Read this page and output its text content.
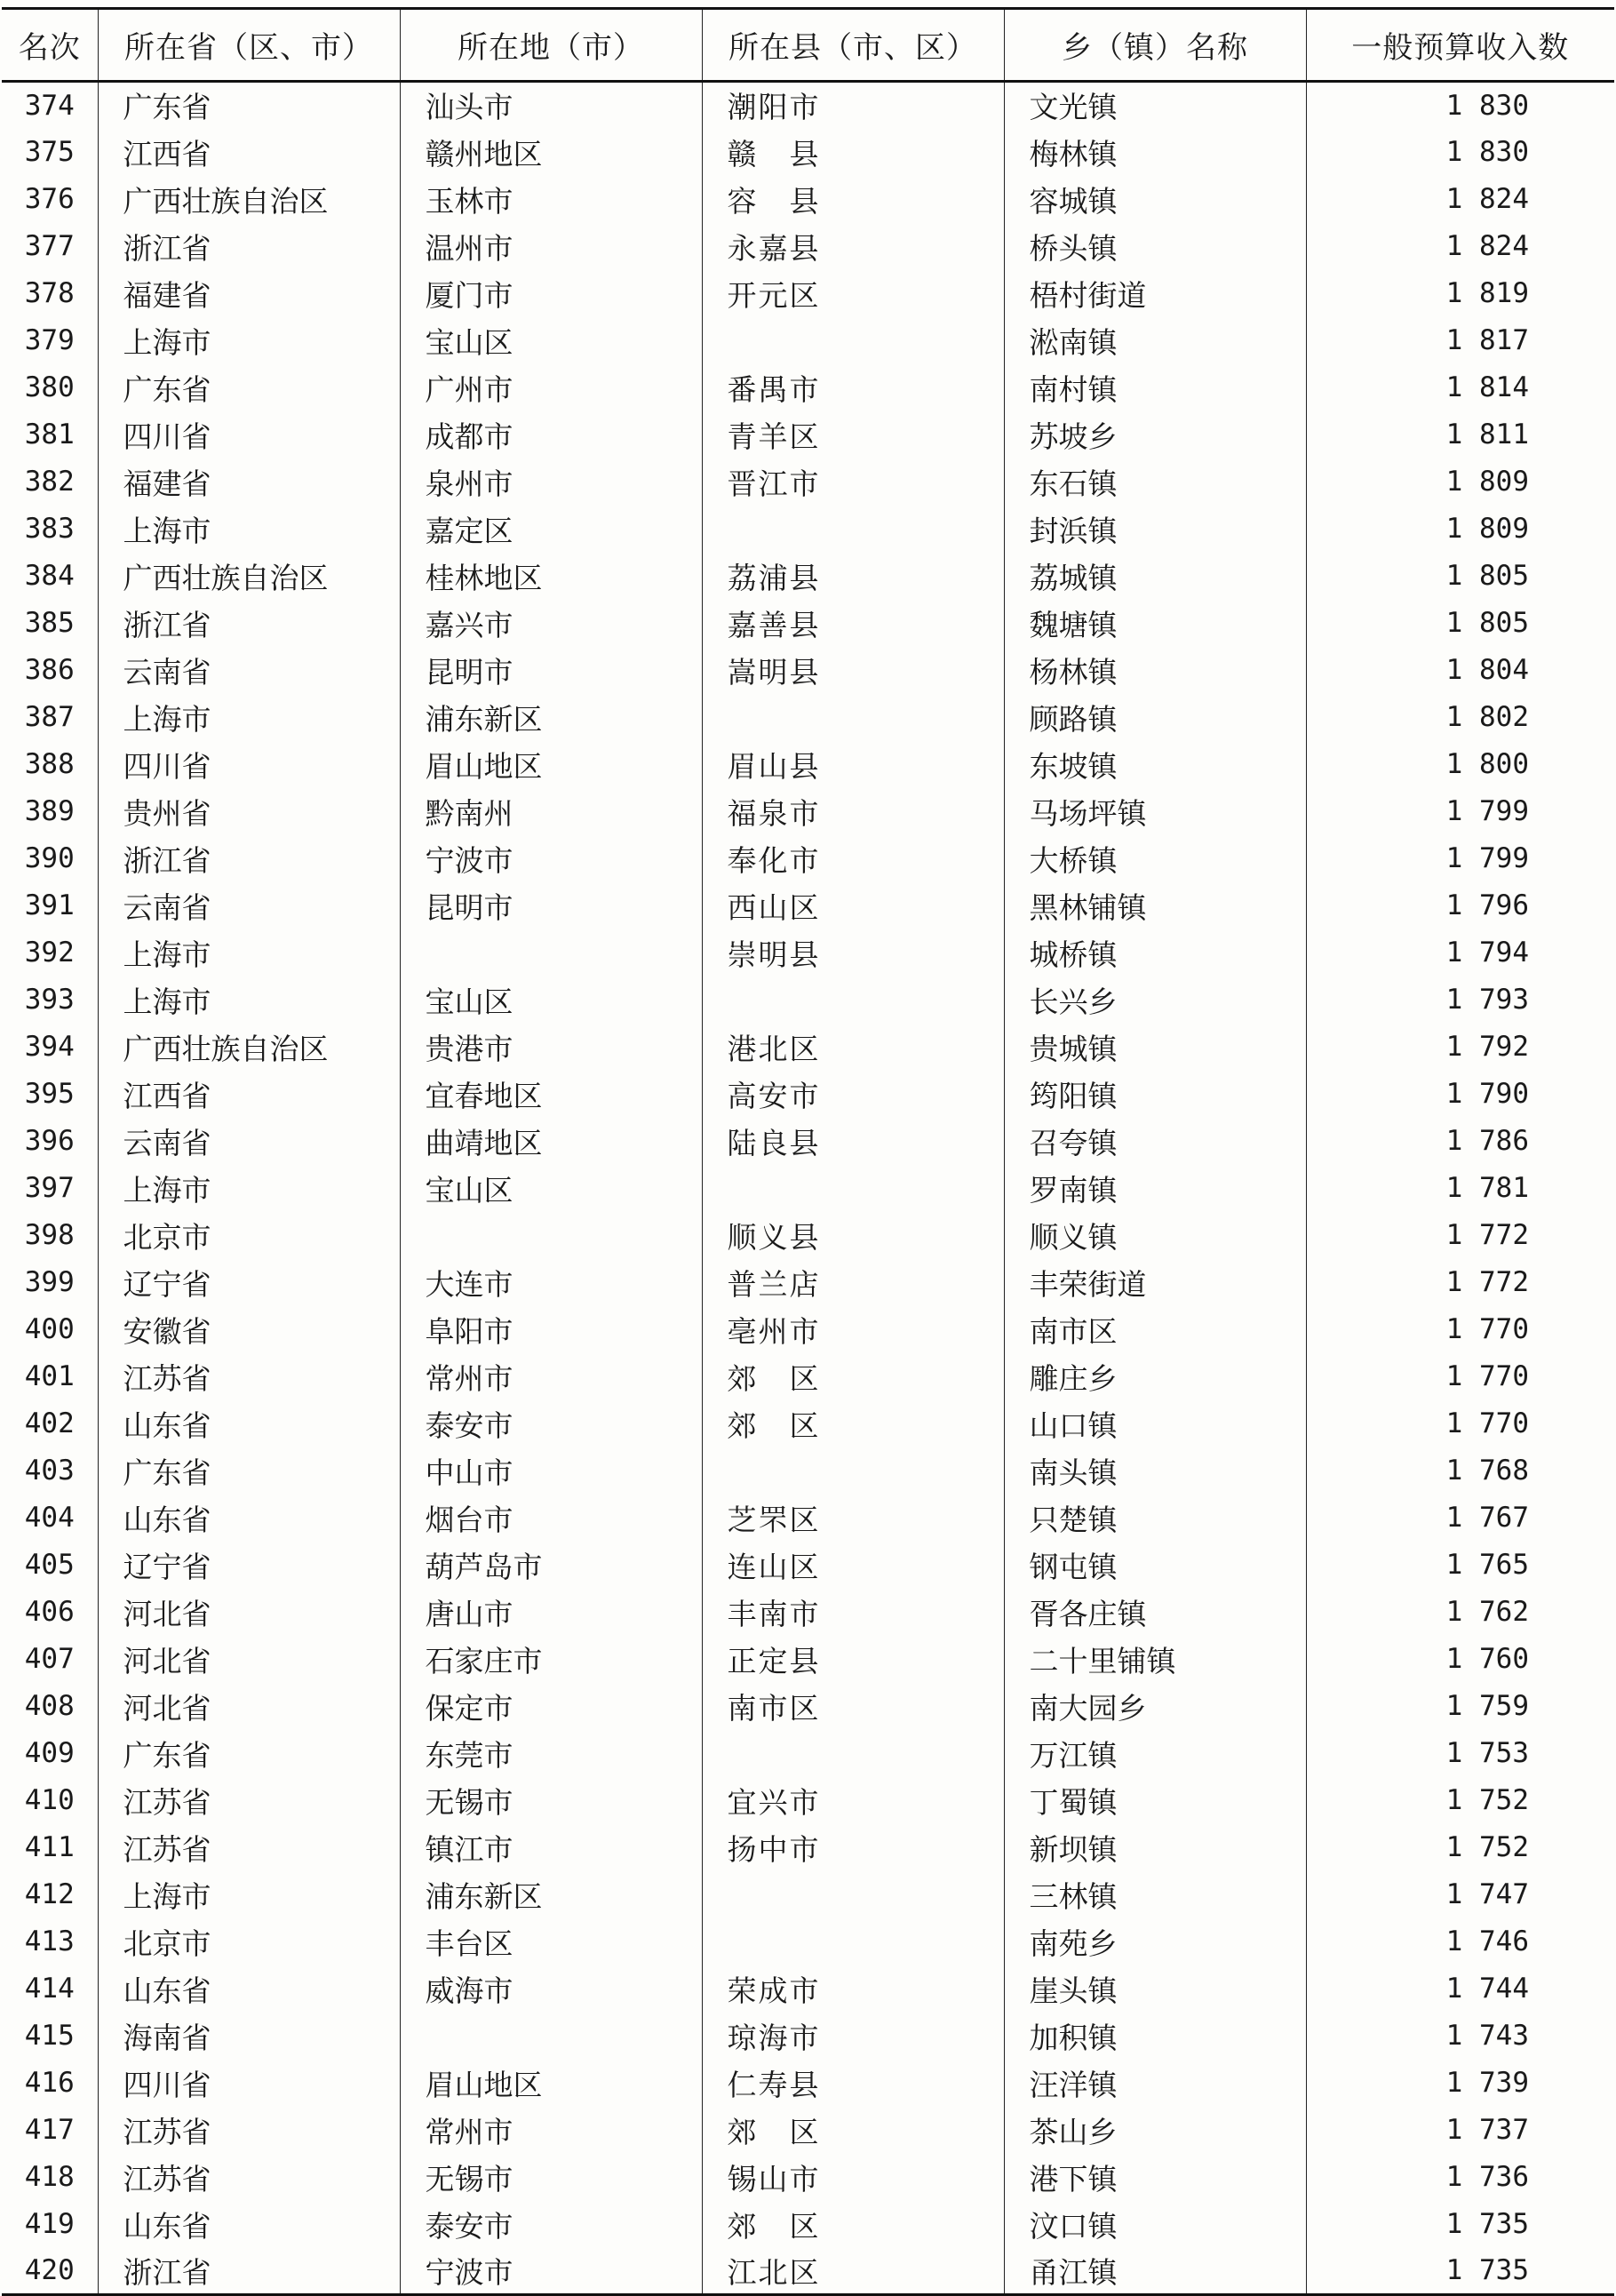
名次	所在省（区、市）	所在地（市）	所在县（市、区）	乡（镇）名称	一般预算收入数
374	广东省	汕头市	潮阳市	文光镇	1 830
375	江西省	赣州地区	赣　县	梅林镇	1 830
376	广西壮族自治区	玉林市	容　县	容城镇	1 824
377	浙江省	温州市	永嘉县	桥头镇	1 824
378	福建省	厦门市	开元区	梧村街道	1 819
379	上海市	宝山区		淞南镇	1 817
380	广东省	广州市	番禺市	南村镇	1 814
381	四川省	成都市	青羊区	苏坡乡	1 811
382	福建省	泉州市	晋江市	东石镇	1 809
383	上海市	嘉定区		封浜镇	1 809
384	广西壮族自治区	桂林地区	荔浦县	荔城镇	1 805
385	浙江省	嘉兴市	嘉善县	魏塘镇	1 805
386	云南省	昆明市	嵩明县	杨林镇	1 804
387	上海市	浦东新区		顾路镇	1 802
388	四川省	眉山地区	眉山县	东坡镇	1 800
389	贵州省	黔南州	福泉市	马场坪镇	1 799
390	浙江省	宁波市	奉化市	大桥镇	1 799
391	云南省	昆明市	西山区	黑林铺镇	1 796
392	上海市		崇明县	城桥镇	1 794
393	上海市	宝山区		长兴乡	1 793
394	广西壮族自治区	贵港市	港北区	贵城镇	1 792
395	江西省	宜春地区	高安市	筠阳镇	1 790
396	云南省	曲靖地区	陆良县	召夸镇	1 786
397	上海市	宝山区		罗南镇	1 781
398	北京市		顺义县	顺义镇	1 772
399	辽宁省	大连市	普兰店	丰荣街道	1 772
400	安徽省	阜阳市	亳州市	南市区	1 770
401	江苏省	常州市	郊　区	雕庄乡	1 770
402	山东省	泰安市	郊　区	山口镇	1 770
403	广东省	中山市		南头镇	1 768
404	山东省	烟台市	芝罘区	只楚镇	1 767
405	辽宁省	葫芦岛市	连山区	钢屯镇	1 765
406	河北省	唐山市	丰南市	胥各庄镇	1 762
407	河北省	石家庄市	正定县	二十里铺镇	1 760
408	河北省	保定市	南市区	南大园乡	1 759
409	广东省	东莞市		万江镇	1 753
410	江苏省	无锡市	宜兴市	丁蜀镇	1 752
411	江苏省	镇江市	扬中市	新坝镇	1 752
412	上海市	浦东新区		三林镇	1 747
413	北京市	丰台区		南苑乡	1 746
414	山东省	威海市	荣成市	崖头镇	1 744
415	海南省		琼海市	加积镇	1 743
416	四川省	眉山地区	仁寿县	汪洋镇	1 739
417	江苏省	常州市	郊　区	茶山乡	1 737
418	江苏省	无锡市	锡山市	港下镇	1 736
419	山东省	泰安市	郊　区	汶口镇	1 735
420	浙江省	宁波市	江北区	甬江镇	1 735
